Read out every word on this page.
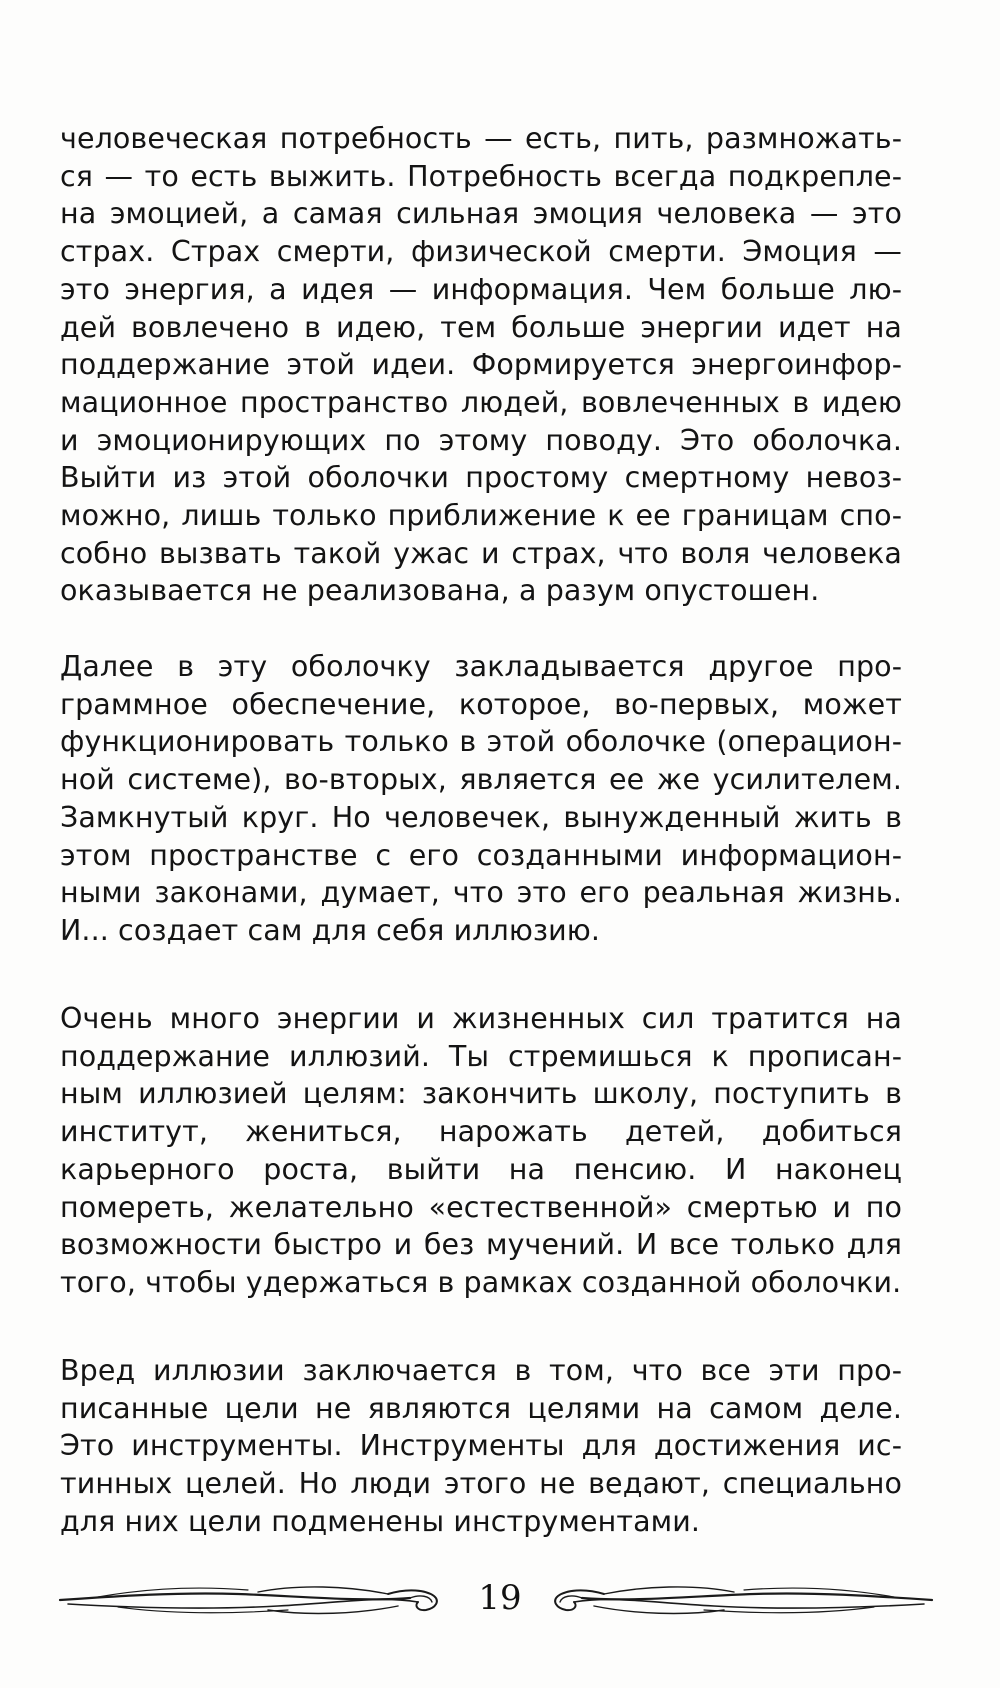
человеческая потребность — есть, пить, размножаться — то есть выжить. Потребность всегда подкреплена эмоцией, а самая сильная эмоция человека — это страх. Страх смерти, физической смерти. Эмоция — это энергия, а идея — информация. Чем больше людей вовлечено в идею, тем больше энергии идет на поддержание этой идеи. Формируется энергоинформационное пространство людей, вовлеченных в идею и эмоционирующих по этому поводу. Это оболочка. Выйти из этой оболочки простому смертному невозможно, лишь только приближение к ее границам способно вызвать такой ужас и страх, что воля человека оказывается не реализована, а разум опустошен.

Далее в эту оболочку закладывается другое программное обеспечение, которое, во-первых, может функционировать только в этой оболочке (операционной системе), во-вторых, является ее же усилителем. Замкнутый круг. Но человечек, вынужденный жить в этом пространстве с его созданными информационными законами, думает, что это его реальная жизнь. И... создает сам для себя иллюзию.

Очень много энергии и жизненных сил тратится на поддержание иллюзий. Ты стремишься к прописанным иллюзией целям: закончить школу, поступить в институт, жениться, нарожать детей, добиться карьерного роста, выйти на пенсию. И наконец помереть, желательно «естественной» смертью и по возможности быстро и без мучений. И все только для того, чтобы удержаться в рамках созданной оболочки.

Вред иллюзии заключается в том, что все эти прописанные цели не являются целями на самом деле. Это инструменты. Инструменты для достижения истинных целей. Но люди этого не ведают, специально для них цели подменены инструментами.

19
